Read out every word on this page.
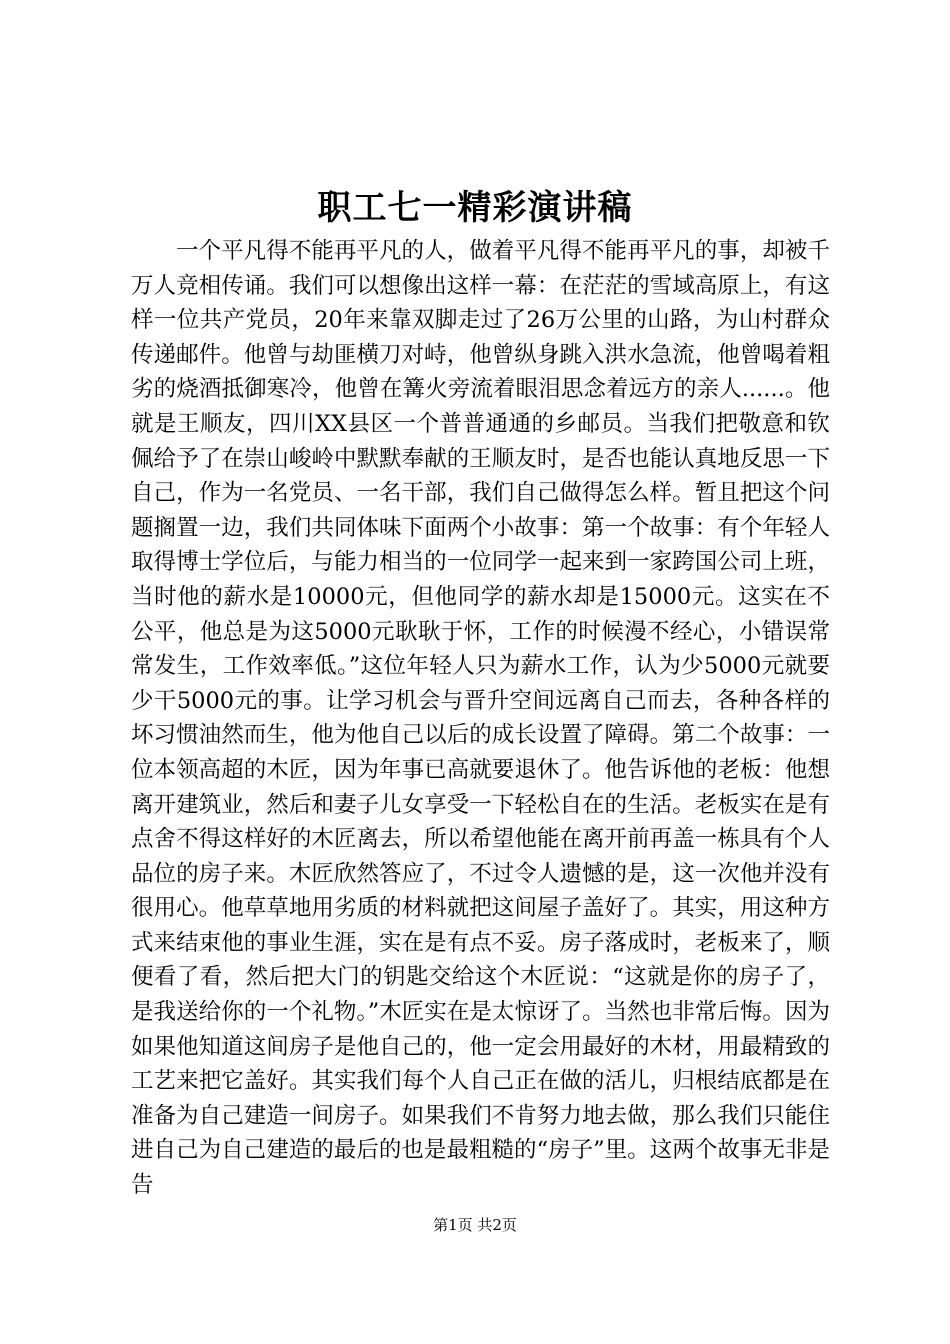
职工七一精彩演讲稿

一个平凡得不能再平凡的人，做着平凡得不能再平凡的事，却被千万人竞相传诵。我们可以想像出这样一幕：在茫茫的雪域高原上，有这样一位共产党员，20年来靠双脚走过了26万公里的山路，为山村群众传递邮件。他曾与劫匪横刀对峙，他曾纵身跳入洪水急流，他曾喝着粗劣的烧酒抵御寒冷，他曾在篝火旁流着眼泪思念着远方的亲人......。他就是王顺友，四川XX县区一个普普通通的乡邮员。当我们把敬意和钦佩给予了在崇山峻岭中默默奉献的王顺友时，是否也能认真地反思一下自己，作为一名党员、一名干部，我们自己做得怎么样。暂且把这个问题搁置一边，我们共同体味下面两个小故事：第一个故事：有个年轻人取得博士学位后，与能力相当的一位同学一起来到一家跨国公司上班，当时他的薪水是10000元，但他同学的薪水却是15000元。这实在不公平，他总是为这5000元耿耿于怀，工作的时候漫不经心，小错误常常发生，工作效率低。”这位年轻人只为薪水工作，认为少5000元就要少干5000元的事。让学习机会与晋升空间远离自己而去，各种各样的坏习惯油然而生，他为他自己以后的成长设置了障碍。第二个故事：一位本领高超的木匠，因为年事已高就要退休了。他告诉他的老板：他想离开建筑业，然后和妻子儿女享受一下轻松自在的生活。老板实在是有点舍不得这样好的木匠离去，所以希望他能在离开前再盖一栋具有个人品位的房子来。木匠欣然答应了，不过令人遗憾的是，这一次他并没有很用心。他草草地用劣质的材料就把这间屋子盖好了。其实，用这种方式来结束他的事业生涯，实在是有点不妥。房子落成时，老板来了，顺便看了看，然后把大门的钥匙交给这个木匠说：“这就是你的房子了，是我送给你的一个礼物。”木匠实在是太惊讶了。当然也非常后悔。因为如果他知道这间房子是他自己的，他一定会用最好的木材，用最精致的工艺来把它盖好。其实我们每个人自己正在做的活儿，归根结底都是在准备为自己建造一间房子。如果我们不肯努力地去做，那么我们只能住进自己为自己建造的最后的也是最粗糙的“房子”里。这两个故事无非是告

第1页 共2页
